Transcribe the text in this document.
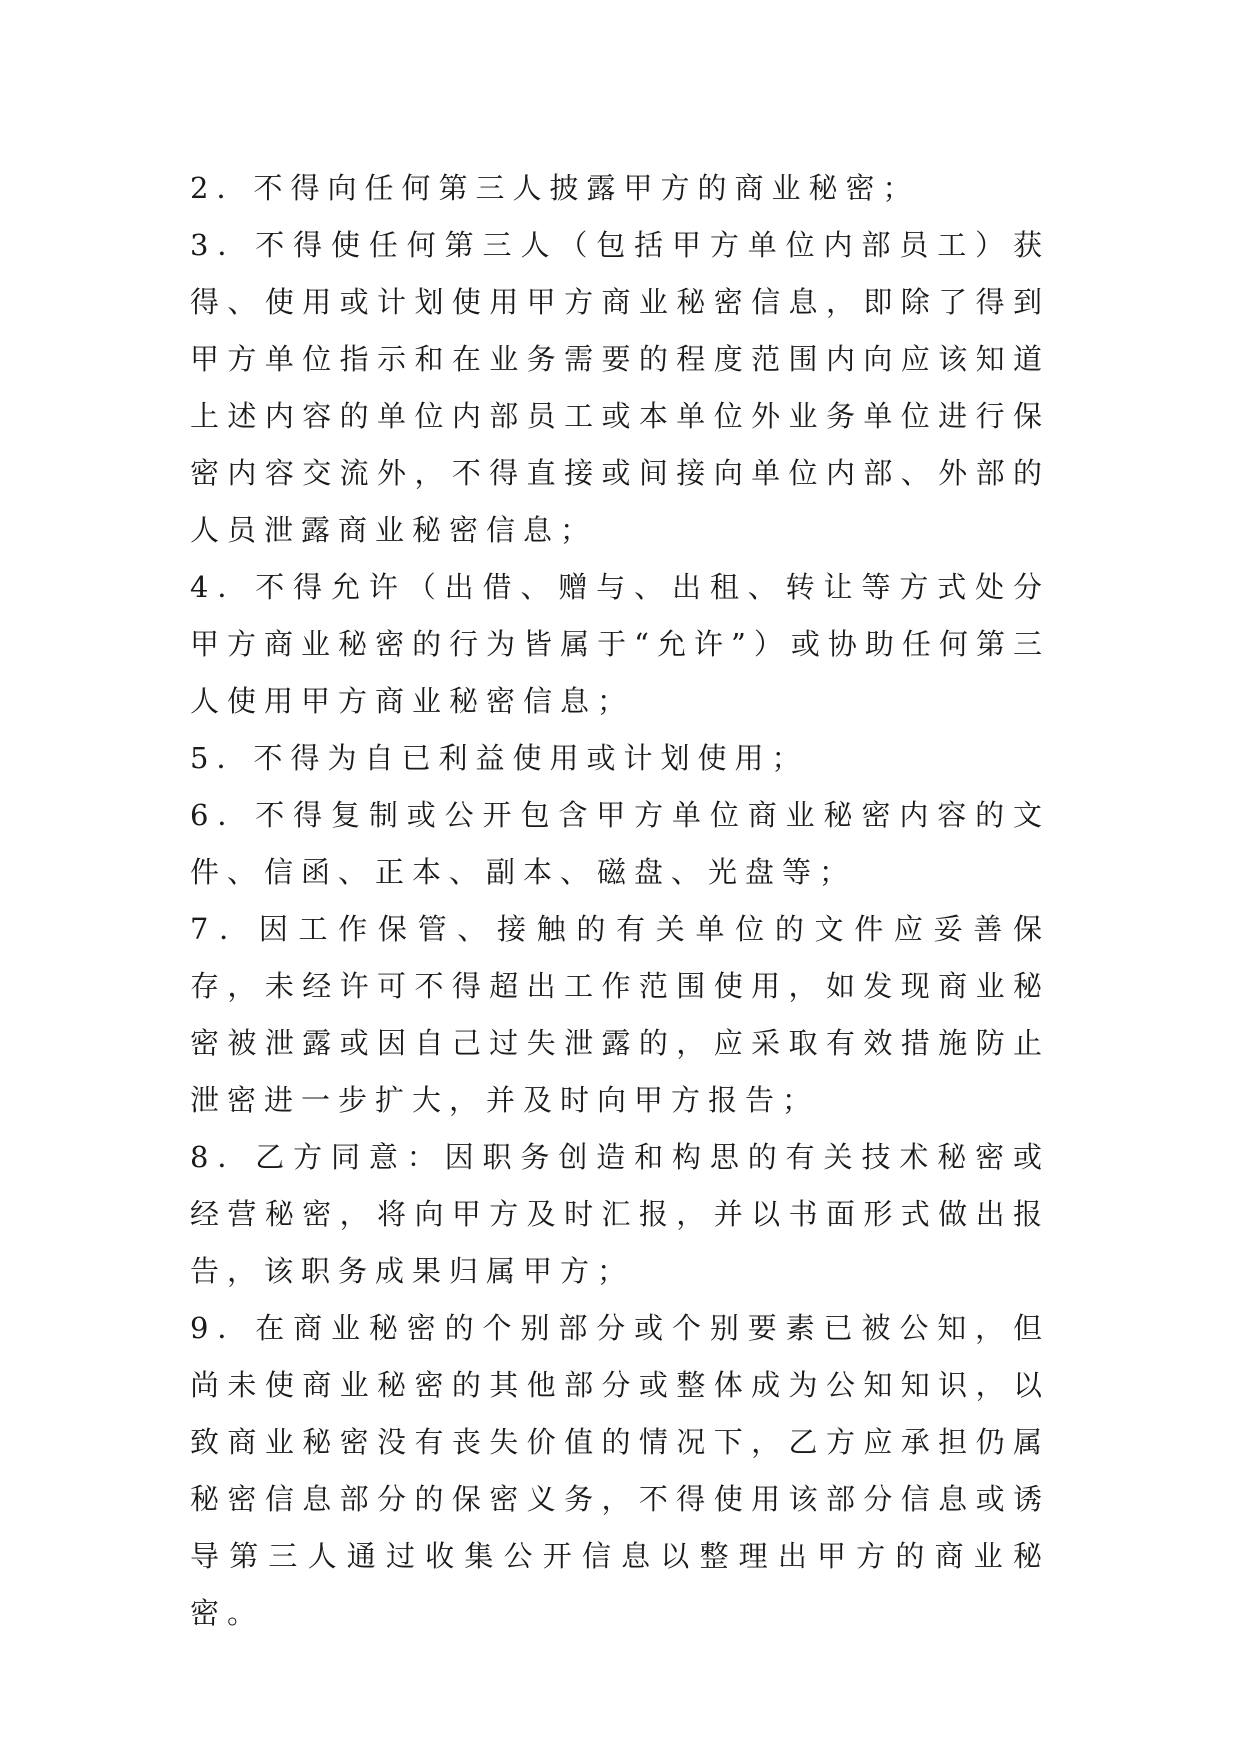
2．不得向任何第三人披露甲方的商业秘密；

3．不得使任何第三人（包括甲方单位内部员工）获得、使用或计划使用甲方商业秘密信息，即除了得到甲方单位指示和在业务需要的程度范围内向应该知道上述内容的单位内部员工或本单位外业务单位进行保密内容交流外，不得直接或间接向单位内部、外部的人员泄露商业秘密信息；

4．不得允许（出借、赠与、出租、转让等方式处分甲方商业秘密的行为皆属于“允许”）或协助任何第三人使用甲方商业秘密信息；

5．不得为自已利益使用或计划使用；

6．不得复制或公开包含甲方单位商业秘密内容的文件、信函、正本、副本、磁盘、光盘等；

7．因工作保管、接触的有关单位的文件应妥善保存，未经许可不得超出工作范围使用，如发现商业秘密被泄露或因自己过失泄露的，应采取有效措施防止泄密进一步扩大，并及时向甲方报告；

8．乙方同意：因职务创造和构思的有关技术秘密或经营秘密，将向甲方及时汇报，并以书面形式做出报告，该职务成果归属甲方；

9．在商业秘密的个别部分或个别要素已被公知，但尚未使商业秘密的其他部分或整体成为公知知识，以致商业秘密没有丧失价值的情况下，乙方应承担仍属秘密信息部分的保密义务，不得使用该部分信息或诱导第三人通过收集公开信息以整理出甲方的商业秘密。
